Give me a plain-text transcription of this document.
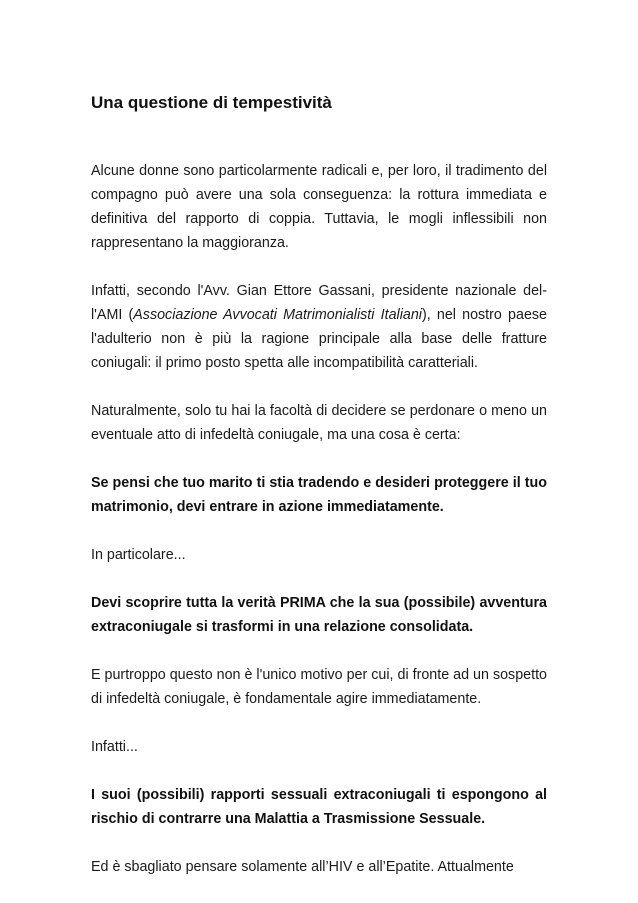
Una questione di tempestività

Alcune donne sono particolarmente radicali e, per loro, il tradimento del compagno può avere una sola conseguenza: la rottura immediata e definitiva del rapporto di coppia. Tuttavia, le mogli inflessibili non rappresentano la maggioranza.

Infatti, secondo l'Avv. Gian Ettore Gassani, presidente nazionale dell'AMI (Associazione Avvocati Matrimonialisti Italiani), nel nostro paese l'adulterio non è più la ragione principale alla base delle fratture coniugali: il primo posto spetta alle incompatibilità caratteriali.

Naturalmente, solo tu hai la facoltà di decidere se perdonare o meno un eventuale atto di infedeltà coniugale, ma una cosa è certa:

Se pensi che tuo marito ti stia tradendo e desideri proteggere il tuo matrimonio, devi entrare in azione immediatamente.

In particolare...

Devi scoprire tutta la verità PRIMA che la sua (possibile) avventura extraconiugale si trasformi in una relazione consolidata.

E purtroppo questo non è l'unico motivo per cui, di fronte ad un sospetto di infedeltà coniugale, è fondamentale agire immediatamente.

Infatti...

I suoi (possibili) rapporti sessuali extraconiugali ti espongono al rischio di contrarre una Malattia a Trasmissione Sessuale.

Ed è sbagliato pensare solamente all’HIV e all’Epatite. Attualmente
